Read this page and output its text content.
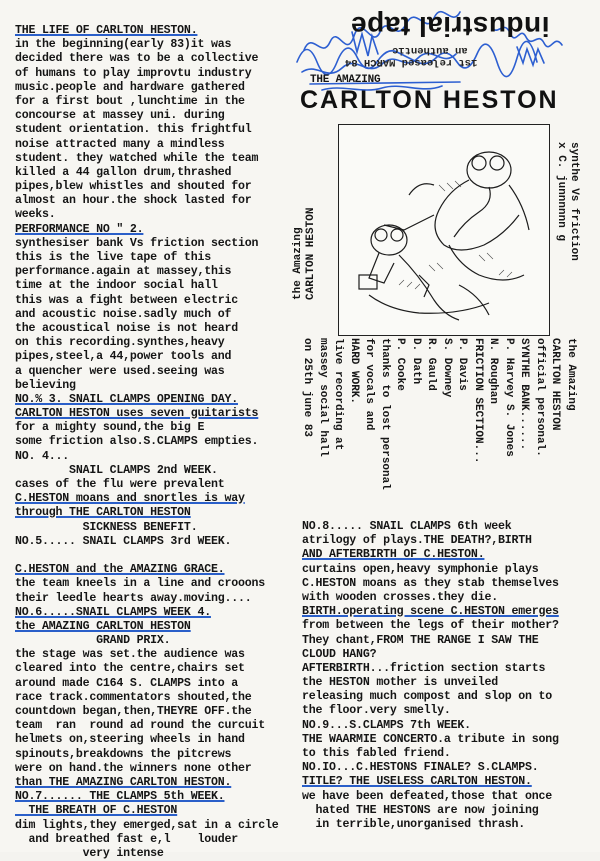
THE LIFE OF CARLTON HESTON.
in the beginning(early 83)it was
decided there was to be a collective
of humans to play improvtu industry
music.people and hardware gathered
for a first bout ,lunchtime in the
concourse at massey uni. during
student orientation. this frightful
noise attracted many a mindless
student. they watched while the team
killed a 44 gallon drum,thrashed
pipes,blew whistles and shouted for
almost an hour.the shock lasted for
weeks.
PERFORMANCE NO " 2.
synthesiser bank Vs friction section
this is the live tape of this
performance.again at massey,this
time at the indoor social hall
this was a fight between electric
and acoustic noise.sadly much of
the acoustical noise is not heard
on this recording.synthes,heavy
pipes,steel,a 44,power tools and
a quencher were used.seeing was
believing
NO.% 3. SNAIL CLAMPS OPENING DAY.
CARLTON HESTON uses seven guitarists
for a mighty sound,the big E
some friction also.S.CLAMPS empties.
NO. 4...
SNAIL CLAMPS 2nd WEEK.
cases of the flu were prevalent
C.HESTON moans and snortles is way
through THE CARLTON HESTON
SICKNESS BENEFIT.
NO.5..... SNAIL CLAMPS 3rd WEEK.

C.HESTON and the AMAZING GRACE.
the team kneels in a line and crooons
their leedle hearts away.moving....
NO.6.....SNAIL CLAMPS WEEK 4.
the AMAZING CARLTON HESTON
GRAND PRIX.
the stage was set.the audience was
cleared into the centre,chairs set
around made C164 S. CLAMPS into a
race track.commentators shouted,the
countdown began,then,THEYRE OFF.the
team  ran  round ad round the curcuit
helmets on,steering wheels in hand
spinouts,breakdowns the pitcrews
were on hand.the winners none other
than THE AMAZING CARLTON HESTON.
NO.7...... THE CLAMPS 5th WEEK.
THE BREATH OF C.HESTON
dim lights,they emerged,sat in a circle
and breathed fast e,l    louder
very intense
NO.8..... SNAIL CLAMPS 6th week
atrilogy of plays.THE DEATH?,BIRTH
AND AFTERBIRTH OF C.HESTON.
curtains open,heavy symphonie plays
C.HESTON moans as they stab themselves
with wooden crosses.they die.
BIRTH.operating scene C.HESTON emerges
from between the legs of their mother?
They chant,FROM THE RANGE I SAW THE
CLOUD HANG?
AFTERBIRTH...friction section starts
the HESTON mother is unveiled
releasing much compost and slop on to
the floor.very smelly.
NO.9...S.CLAMPS 7th WEEK.
THE WAARMIE CONCERTO.a tribute in song
to this fabled friend.
NO.IO...C.HESTONS FINALE? S.CLAMPS.
TITLE? THE USELESS CARLTON HESTON.
we have been defeated,those that once
hated THE HESTONS are now joining
in terrible,unorganised thrash.
industrial tape
an authentic
1st released MARCH 84
THE AMAZING
CARLTON HESTON
the Amazing CARLTON HESTON	synthe Vs friction
x C. junnnnnn g
the Amazing
CARLTON HESTON
official personal.
SYNTHE BANK......
P. Harvey S. Jones
N. Roughan
FRICTION SECTION...
P. Davis
S. Downey
R. Gauld
D. Dath
P. Cooke
thanks to lost personal
for vocals and
HARD WORK.
live recording at
massey social hall
on 25th june 83
